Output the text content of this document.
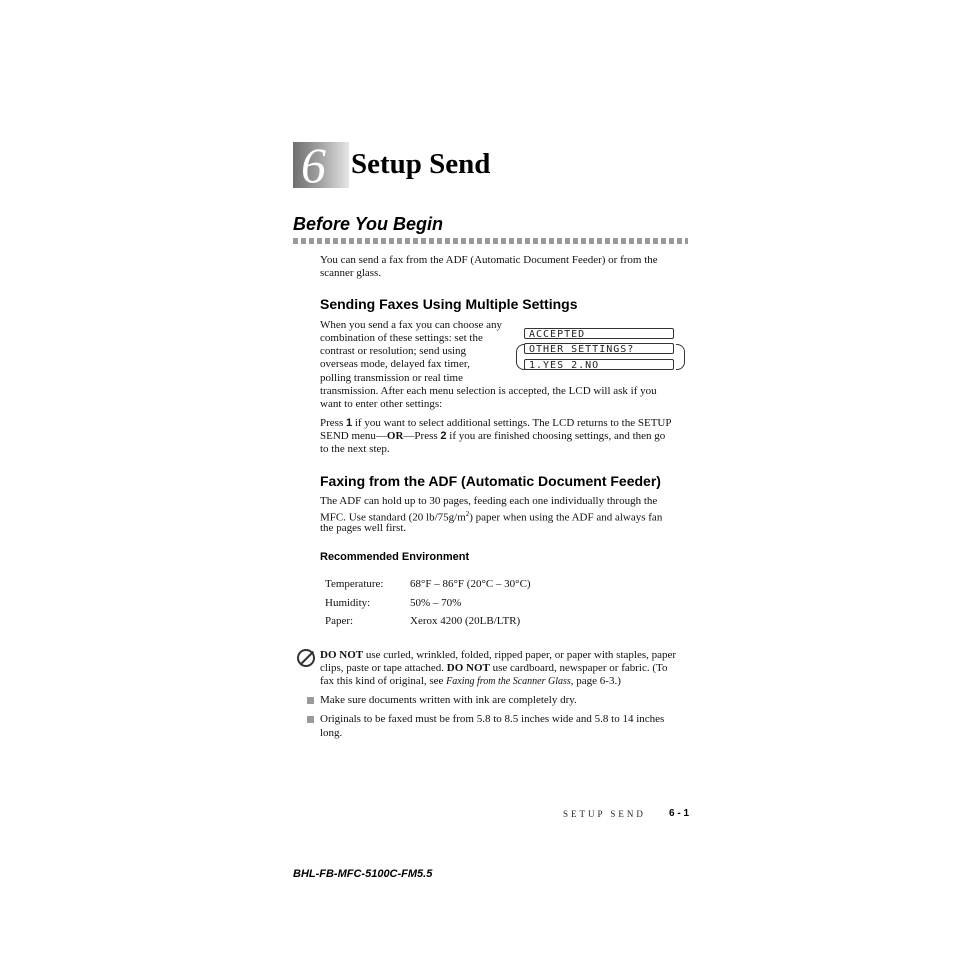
6 Setup Send
Before You Begin
You can send a fax from the ADF (Automatic Document Feeder) or from the
scanner glass.
Sending Faxes Using Multiple Settings
When you send a fax you can choose any
combination of these settings: set the
contrast or resolution; send using
overseas mode, delayed fax timer,
polling transmission or real time
transmission. After each menu selection is accepted, the LCD will ask if you
want to enter other settings:
ACCEPTED
OTHER SETTINGS?
1.YES 2.NO
Press 1 if you want to select additional settings. The LCD returns to the SETUP
SEND menu—OR—Press 2 if you are finished choosing settings, and then go
to the next step.
Faxing from the ADF (Automatic Document Feeder)
The ADF can hold up to 30 pages, feeding each one individually through the
MFC. Use standard (20 $lb/75g/m^2$) paper when using the ADF and always fan
the pages well first.
Recommended Environment
Temperature: 68°F – 86°F (20°C – 30°C)
Humidity:	50% – 70%
Paper:	Xerox 4200 (20LB/LTR)
DO NOT use curled, wrinkled, folded, ripped paper, or paper with staples, paper
clips, paste or tape attached. DO NOT use cardboard, newspaper or fabric. (To
fax this kind of original, see Faxing from the Scanner Glass, page 6-3.)
Make sure documents written with ink are completely dry.
Originals to be faxed must be from 5.8 to 8.5 inches wide and 5.8 to 14 inches
long.
SETUP SEND 6 - 1
BHL-FB-MFC-5100C-FM5.5
